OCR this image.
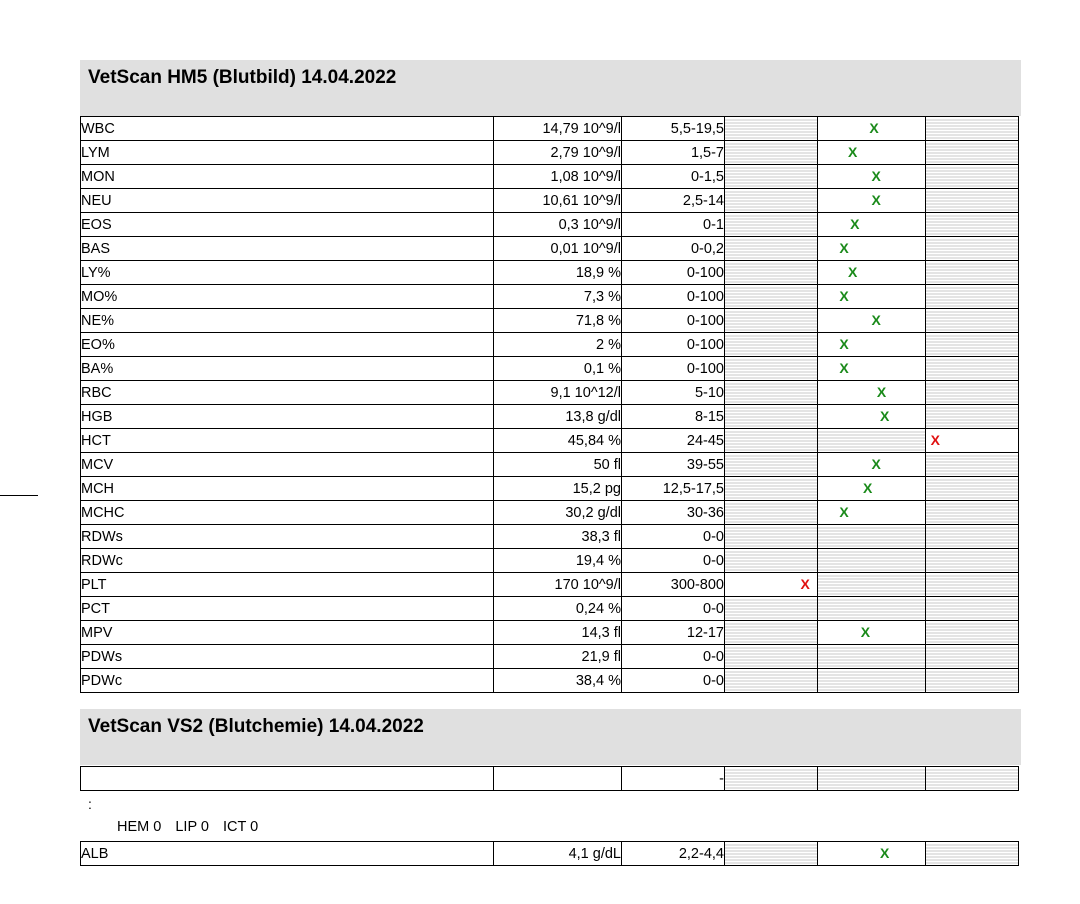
VetScan HM5 (Blutbild) 14.04.2022
WBC	14,79 10^9/l	5,5-19,5		X	

LYM	2,79 10^9/l	1,5-7		X	

MON	1,08 10^9/l	0-1,5		X	

NEU	10,61 10^9/l	2,5-14		X	

EOS	0,3 10^9/l	0-1		X	

BAS	0,01 10^9/l	0-0,2		X	

LY%	18,9 %	0-100		X	

MO%	7,3 %	0-100		X	

NE%	71,8 %	0-100		X	

EO%	2 %	0-100		X	

BA%	0,1 %	0-100		X	

RBC	9,1 10^12/l	5-10		X	

HGB	13,8 g/dl	8-15		X	

HCT	45,84 %	24-45			X

MCV	50 fl	39-55		X	

MCH	15,2 pg	12,5-17,5		X	

MCHC	30,2 g/dl	30-36		X	

RDWs	38,3 fl	0-0			
RDWc	19,4 %	0-0			
PLT	170 10^9/l	300-800	X		

PCT	0,24 %	0-0			
MPV	14,3 fl	12-17		X	

PDWs	21,9 fl	0-0			
PDWc	38,4 %	0-0			
VetScan VS2 (Blutchemie) 14.04.2022
		-			
:
HEM 0 LIP 0 ICT 0
ALB	4,1 g/dL	2,2-4,4		X
